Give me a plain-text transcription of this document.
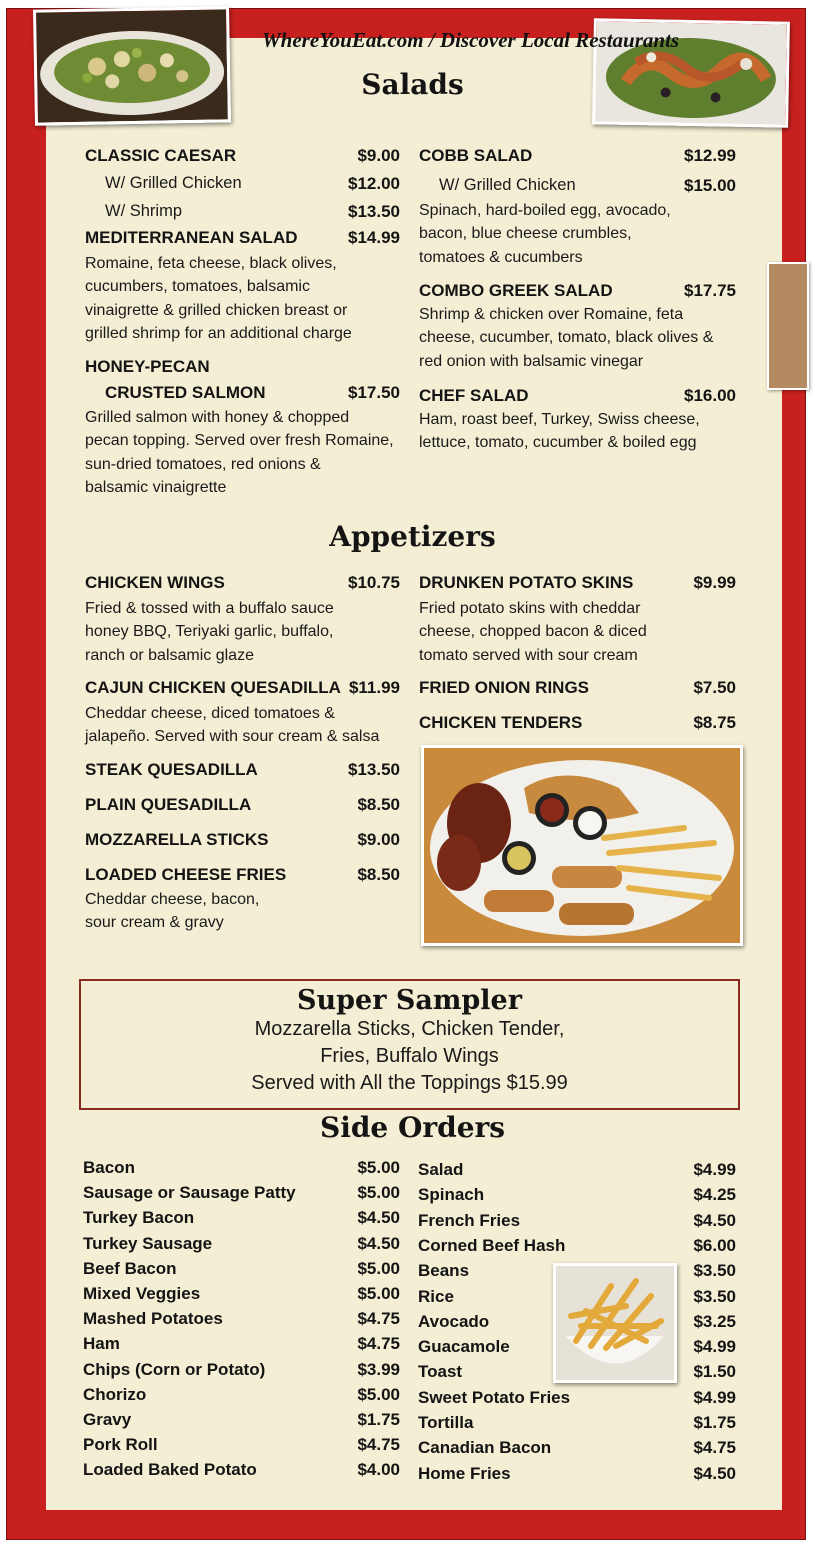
WhereYouEat.com / Discover Local Restaurants
Salads
CLASSIC CAESAR	$9.00
W/ Grilled Chicken	$12.00
W/ Shrimp	$13.50
MEDITERRANEAN SALAD	$14.99
Romaine, feta cheese, black olives,
cucumbers, tomatoes, balsamic
vinaigrette & grilled chicken breast or
grilled shrimp for an additional charge
HONEY-PECAN
CRUSTED SALMON	$17.50
Grilled salmon with honey & chopped
pecan topping. Served over fresh Romaine,
sun-dried tomatoes, red onions &
balsamic vinaigrette
COBB SALAD	$12.99
W/ Grilled Chicken	$15.00
Spinach, hard-boiled egg, avocado,
bacon, blue cheese crumbles,
tomatoes & cucumbers
COMBO GREEK SALAD	$17.75
Shrimp & chicken over Romaine, feta
cheese, cucumber, tomato, black olives &
red onion with balsamic vinegar
CHEF SALAD	$16.00
Ham, roast beef, Turkey, Swiss cheese,
lettuce, tomato, cucumber & boiled egg
Appetizers
CHICKEN WINGS	$10.75
Fried & tossed with a buffalo sauce
honey BBQ, Teriyaki garlic, buffalo,
ranch or balsamic glaze
CAJUN CHICKEN QUESADILLA $11.99
Cheddar cheese, diced tomatoes &
jalapeño. Served with sour cream & salsa
STEAK QUESADILLA	$13.50
PLAIN QUESADILLA	$8.50
MOZZARELLA STICKS	$9.00
LOADED CHEESE FRIES	$8.50
Cheddar cheese, bacon,
sour cream & gravy
DRUNKEN POTATO SKINS	$9.99
Fried potato skins with cheddar
cheese, chopped bacon & diced
tomato served with sour cream
FRIED ONION RINGS	$7.50
CHICKEN TENDERS	$8.75
Super Sampler
Mozzarella Sticks, Chicken Tender,
Fries, Buffalo Wings
Served with All the Toppings $15.99
Side Orders
Bacon	$5.00
Sausage or Sausage Patty	$5.00
Turkey Bacon	$4.50
Turkey Sausage	$4.50
Beef Bacon	$5.00
Mixed Veggies	$5.00
Mashed Potatoes	$4.75
Ham	$4.75
Chips (Corn or Potato)	$3.99
Chorizo	$5.00
Gravy	$1.75
Pork Roll	$4.75
Loaded Baked Potato	$4.00
Salad	$4.99
Spinach	$4.25
French Fries	$4.50
Corned Beef Hash	$6.00
Beans	$3.50
Rice	$3.50
Avocado	$3.25
Guacamole	$4.99
Toast	$1.50
Sweet Potato Fries	$4.99
Tortilla	$1.75
Canadian Bacon	$4.75
Home Fries	$4.50
